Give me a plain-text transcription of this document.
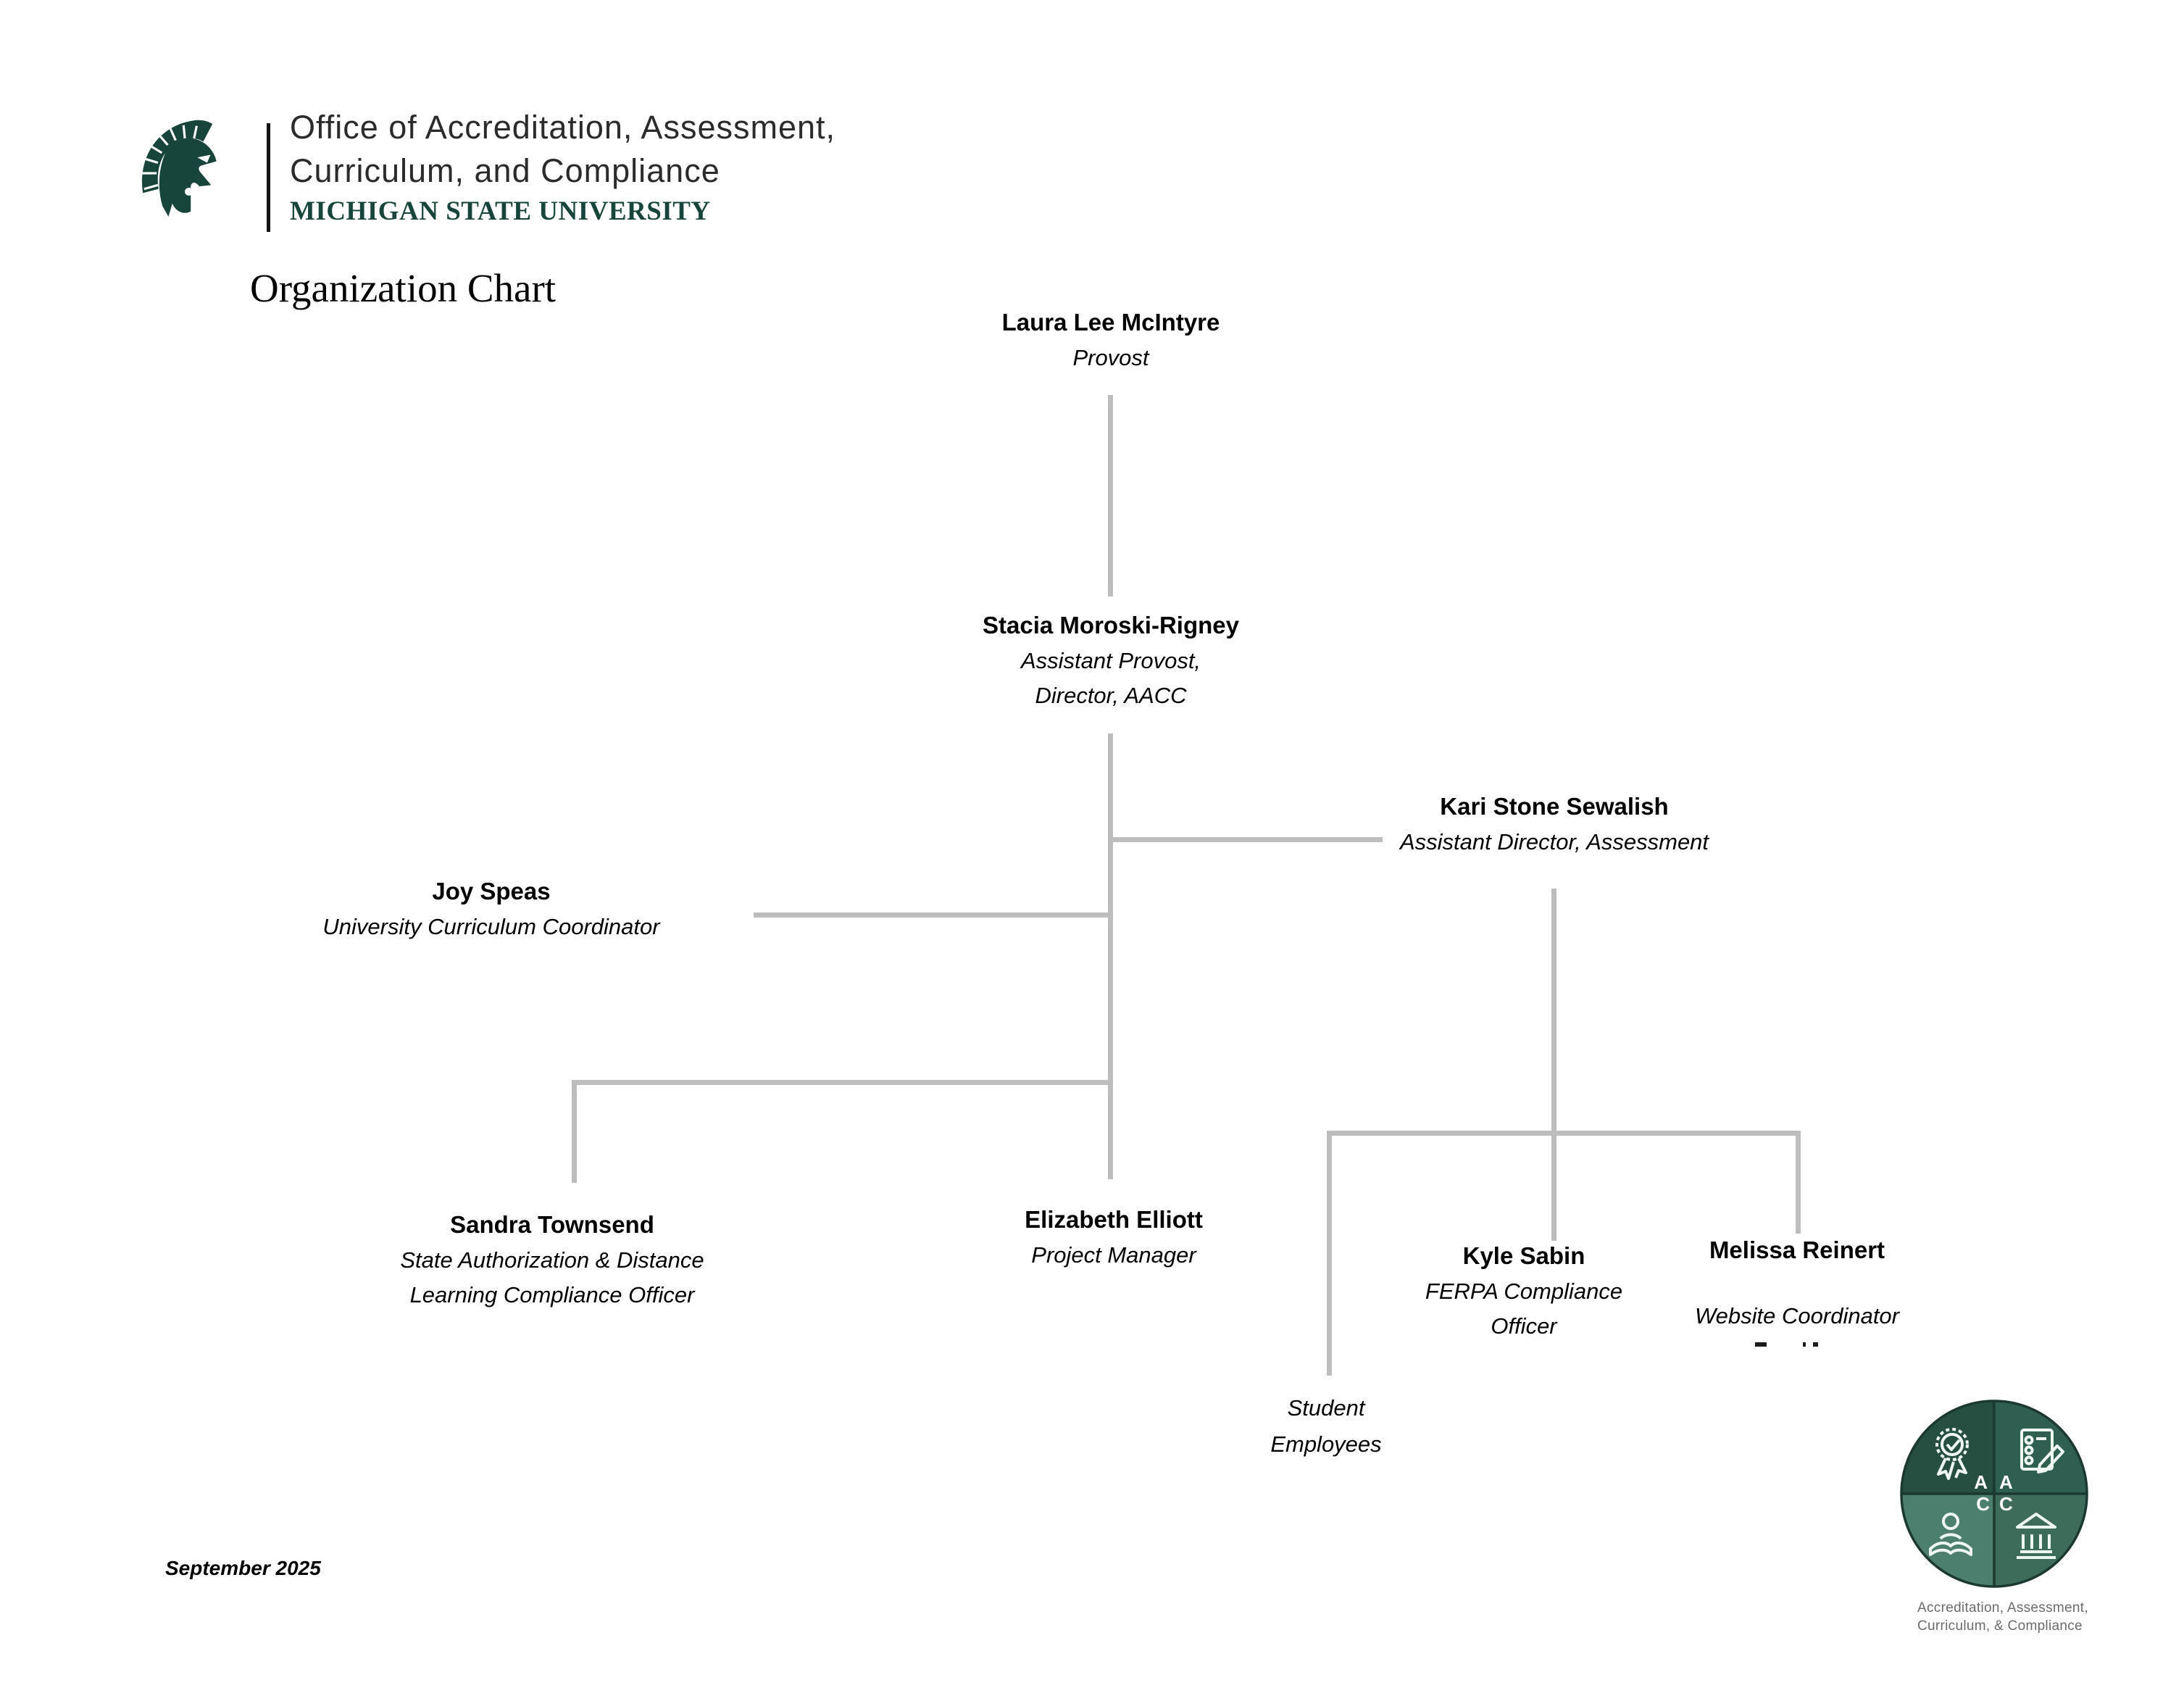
Office of Accreditation, Assessment,
Curriculum, and Compliance
MICHIGAN STATE UNIVERSITY
Organization Chart
Laura Lee McIntyre
Provost
Stacia Moroski-Rigney
Assistant Provost,
Director, AACC
Kari Stone Sewalish
Assistant Director, Assessment
Joy Speas
University Curriculum Coordinator
Sandra Townsend
State Authorization & Distance
Learning Compliance Officer
Elizabeth Elliott
Project Manager	Kyle Sabin
FERPA Compliance
Officer
Melissa Reinert
Website Coordinator
Student
Employees
September 2025
A A
C C
Accreditation, Assessment,
Curriculum, & Compliance
